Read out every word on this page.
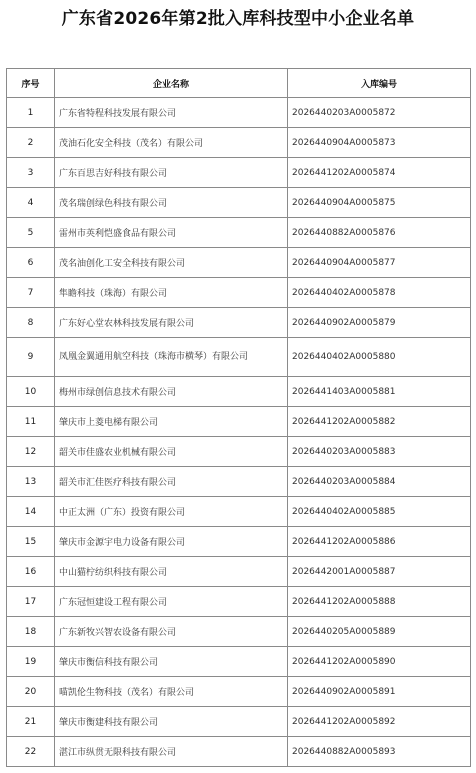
广东省2026年第2批入库科技型中小企业名单
序号	企业名称	入库编号
1	广东省特程科技发展有限公司	2026440203A0005872
2	茂油石化安全科技（茂名）有限公司	2026440904A0005873
3	广东百思吉好科技有限公司	2026441202A0005874
4	茂名瑞创绿色科技有限公司	2026440904A0005875
5	雷州市英利恺盛食品有限公司	2026440882A0005876
6	茂名油创化工安全科技有限公司	2026440904A0005877
7	隼瞻科技（珠海）有限公司	2026440402A0005878
8	广东好心堂农林科技发展有限公司	2026440902A0005879
9	凤凰金翼通用航空科技（珠海市横琴）有限公司	2026440402A0005880
10	梅州市绿创信息技术有限公司	2026441403A0005881
11	肇庆市上菱电梯有限公司	2026441202A0005882
12	韶关市佳盛农业机械有限公司	2026440203A0005883
13	韶关市汇佳医疗科技有限公司	2026440203A0005884
14	中正太洲（广东）投资有限公司	2026440402A0005885
15	肇庆市金源宇电力设备有限公司	2026441202A0005886
16	中山猫柠纺织科技有限公司	2026442001A0005887
17	广东冠恒建设工程有限公司	2026441202A0005888
18	广东新牧兴智农设备有限公司	2026440205A0005889
19	肇庆市衡信科技有限公司	2026441202A0005890
20	喵凯伦生物科技（茂名）有限公司	2026440902A0005891
21	肇庆市衡建科技有限公司	2026441202A0005892
22	湛江市纵贯无限科技有限公司	2026440882A0005893
